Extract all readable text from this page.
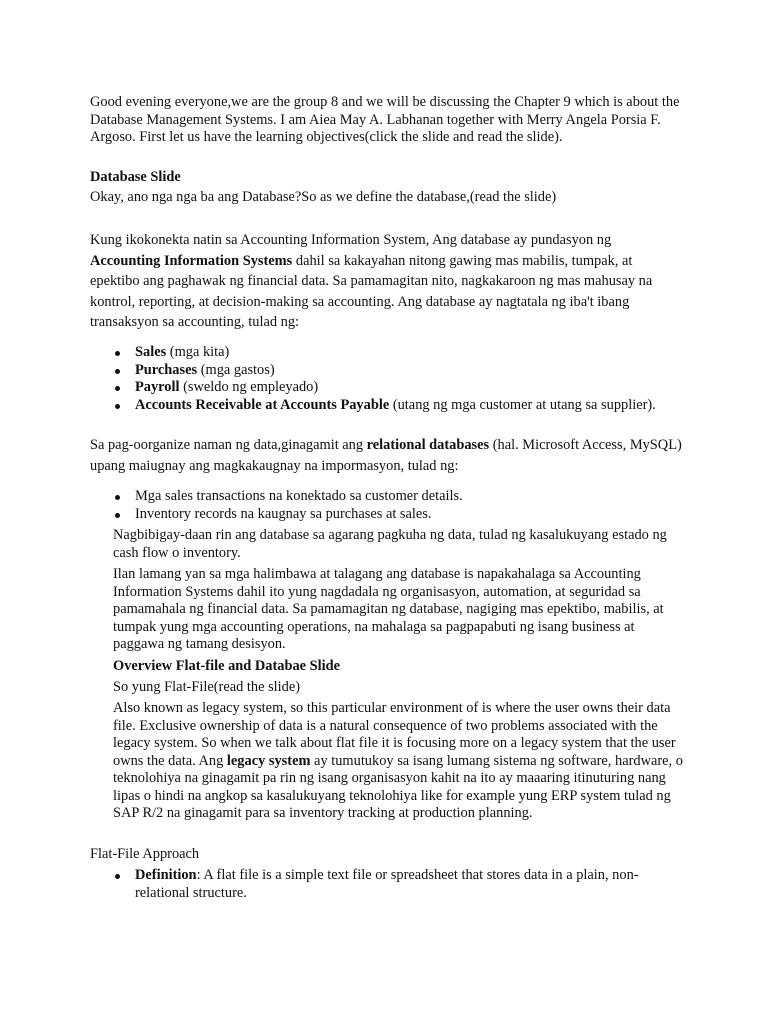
Good evening everyone,we are the group 8 and we will be discussing the Chapter 9 which is about the Database Management Systems. I am Aiea May A. Labhanan together with Merry Angela Porsia F. Argoso. First let us have the learning objectives(click the slide and read the slide).

Database Slide

Okay, ano nga nga ba ang Database?So as we define the database,(read the slide)

Kung ikokonekta natin sa Accounting Information System, Ang database ay pundasyon ng Accounting Information Systems dahil sa kakayahan nitong gawing mas mabilis, tumpak, at epektibo ang paghawak ng financial data. Sa pamamagitan nito, nagkakaroon ng mas mahusay na kontrol, reporting, at decision-making sa accounting. Ang database ay nagtatala ng iba't ibang transaksyon sa accounting, tulad ng:

Sales (mga kita)
Purchases (mga gastos)
Payroll (sweldo ng empleyado)
Accounts Receivable at Accounts Payable (utang ng mga customer at utang sa supplier).

Sa pag-oorganize naman ng data,ginagamit ang relational databases (hal. Microsoft Access, MySQL) upang maiugnay ang magkakaugnay na impormasyon, tulad ng:

Mga sales transactions na konektado sa customer details.
Inventory records na kaugnay sa purchases at sales.

Nagbibigay-daan rin ang database sa agarang pagkuha ng data, tulad ng kasalukuyang estado ng cash flow o inventory.

Ilan lamang yan sa mga halimbawa at talagang ang database is napakahalaga sa Accounting Information Systems dahil ito yung nagdadala ng organisasyon, automation, at seguridad sa pamamahala ng financial data. Sa pamamagitan ng database, nagiging mas epektibo, mabilis, at tumpak yung mga accounting operations, na mahalaga sa pagpapabuti ng isang business at paggawa ng tamang desisyon.

Overview Flat-file and Databae Slide

So yung Flat-File(read the slide)

Also known as legacy system, so this particular environment of is where the user owns their data file. Exclusive ownership of data is a natural consequence of two problems associated with the legacy system. So when we talk about flat file it is focusing more on a legacy system that the user owns the data. Ang legacy system ay tumutukoy sa isang lumang sistema ng software, hardware, o teknolohiya na ginagamit pa rin ng isang organisasyon kahit na ito ay maaaring itinuturing nang lipas o hindi na angkop sa kasalukuyang teknolohiya like for example yung ERP system tulad ng SAP R/2 na ginagamit para sa inventory tracking at production planning.

Flat-File Approach

Definition: A flat file is a simple text file or spreadsheet that stores data in a plain, non-relational structure.
